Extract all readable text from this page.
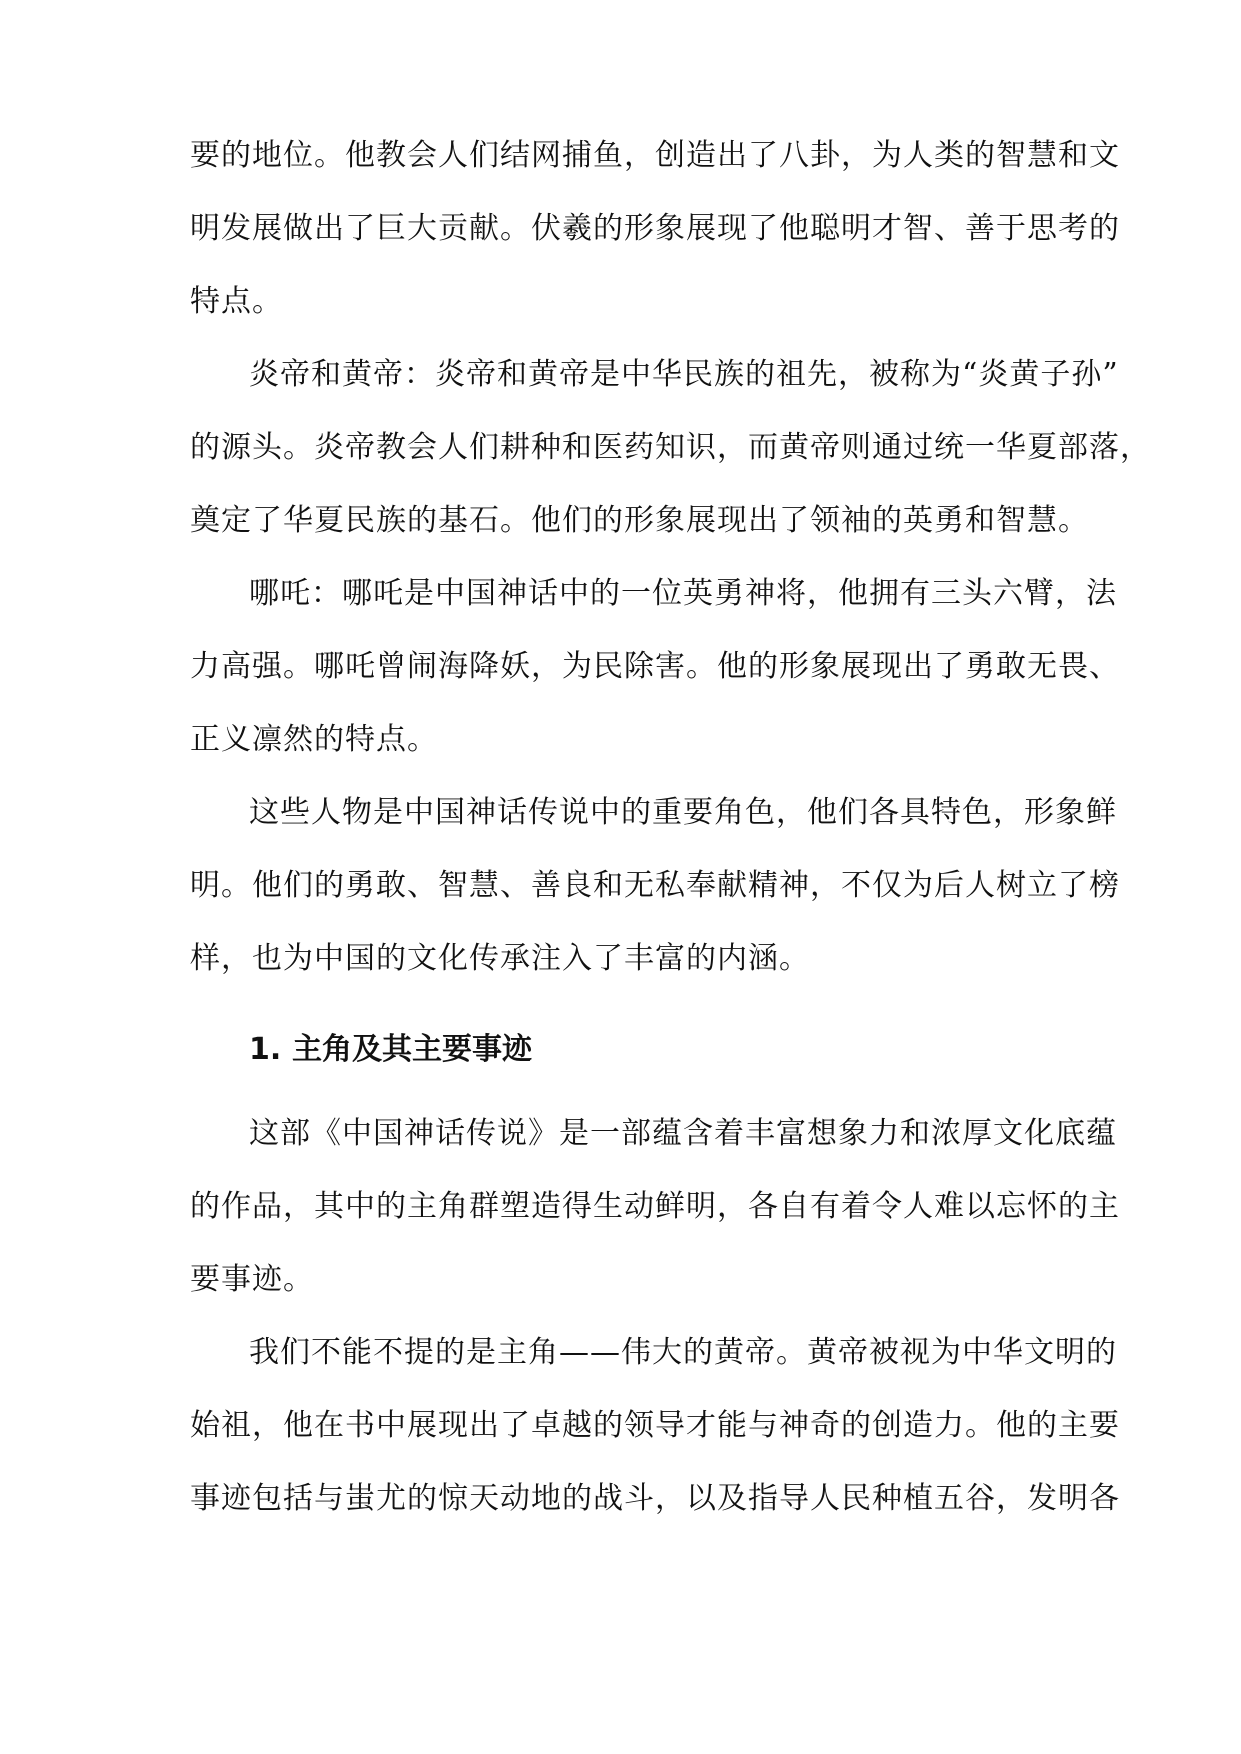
要的地位。他教会人们结网捕鱼，创造出了八卦，为人类的智慧和文
明发展做出了巨大贡献。伏羲的形象展现了他聪明才智、善于思考的
特点。
炎帝和黄帝：炎帝和黄帝是中华民族的祖先，被称为“炎黄子孙”
的源头。炎帝教会人们耕种和医药知识，而黄帝则通过统一华夏部落，
奠定了华夏民族的基石。他们的形象展现出了领袖的英勇和智慧。
哪吒：哪吒是中国神话中的一位英勇神将，他拥有三头六臂，法
力高强。哪吒曾闹海降妖，为民除害。他的形象展现出了勇敢无畏、
正义凛然的特点。
这些人物是中国神话传说中的重要角色，他们各具特色，形象鲜
明。他们的勇敢、智慧、善良和无私奉献精神，不仅为后人树立了榜
样，也为中国的文化传承注入了丰富的内涵。
1. 主角及其主要事迹
这部《中国神话传说》是一部蕴含着丰富想象力和浓厚文化底蕴
的作品，其中的主角群塑造得生动鲜明，各自有着令人难以忘怀的主
要事迹。
我们不能不提的是主角——伟大的黄帝。黄帝被视为中华文明的
始祖，他在书中展现出了卓越的领导才能与神奇的创造力。他的主要
事迹包括与蚩尤的惊天动地的战斗，以及指导人民种植五谷，发明各
